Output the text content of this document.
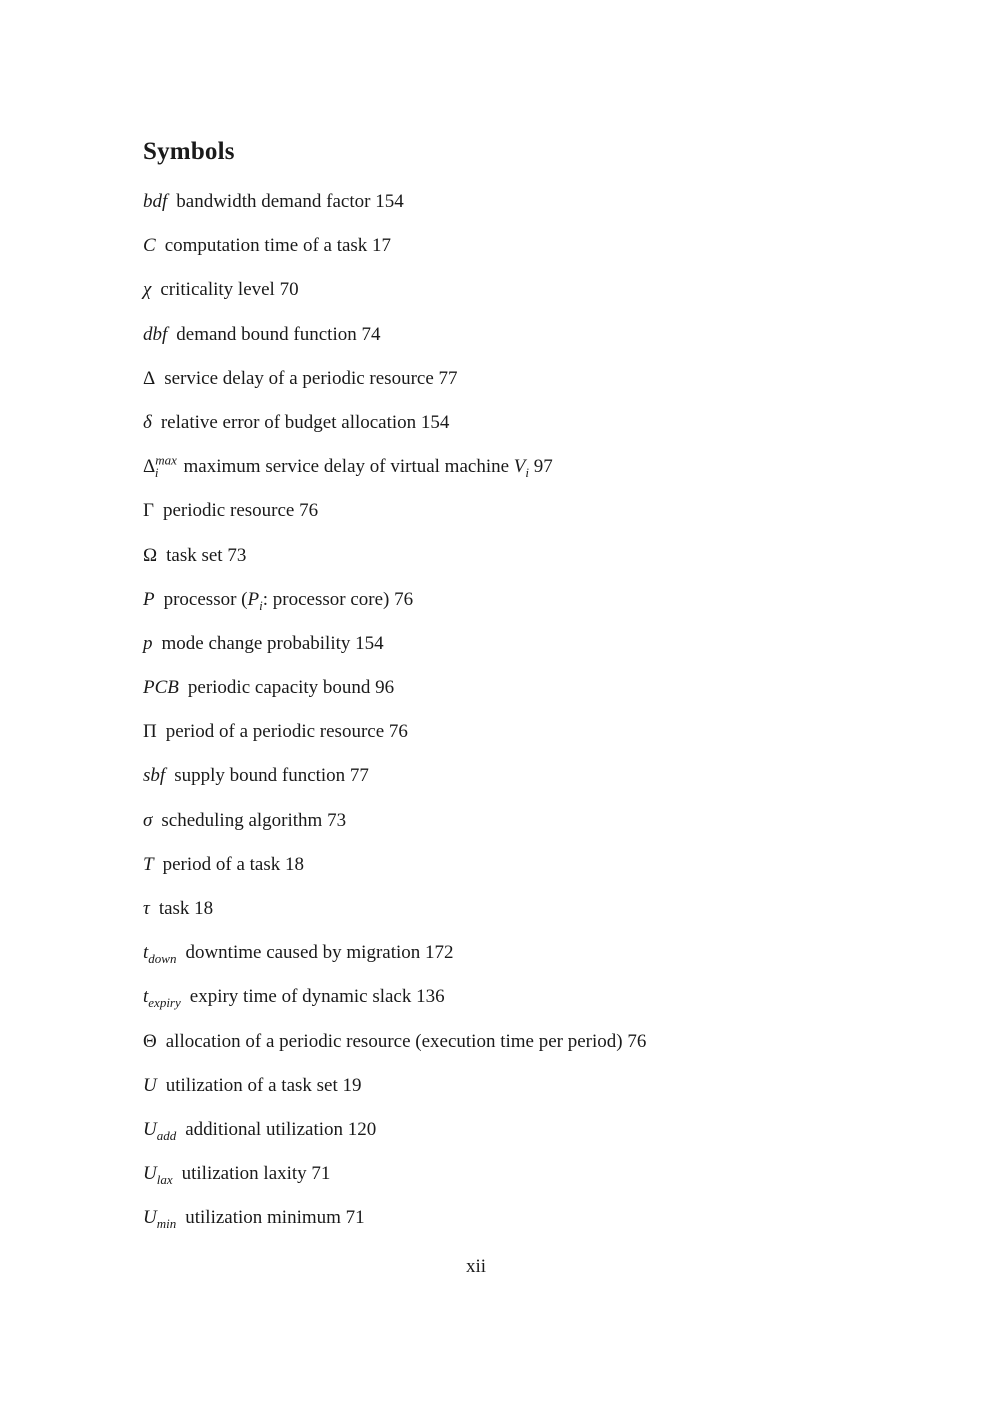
Symbols
bdf bandwidth demand factor 154
C computation time of a task 17
χ criticality level 70
dbf demand bound function 74
Δ service delay of a periodic resource 77
δ relative error of budget allocation 154
$\Delta^{max}_i$ maximum service delay of virtual machine $V_i$ 97
Γ periodic resource 76
Ω task set 73
P processor ($P_i$: processor core) 76
p mode change probability 154
PCB periodic capacity bound 96
Π period of a periodic resource 76
sbf supply bound function 77
σ scheduling algorithm 73
T period of a task 18
τ task 18
$t_{down}$ downtime caused by migration 172
$t_{expiry}$ expiry time of dynamic slack 136
Θ allocation of a periodic resource (execution time per period) 76
U utilization of a task set 19
$U_{add}$ additional utilization 120
$U_{lax}$ utilization laxity 71
$U_{min}$ utilization minimum 71
xii
